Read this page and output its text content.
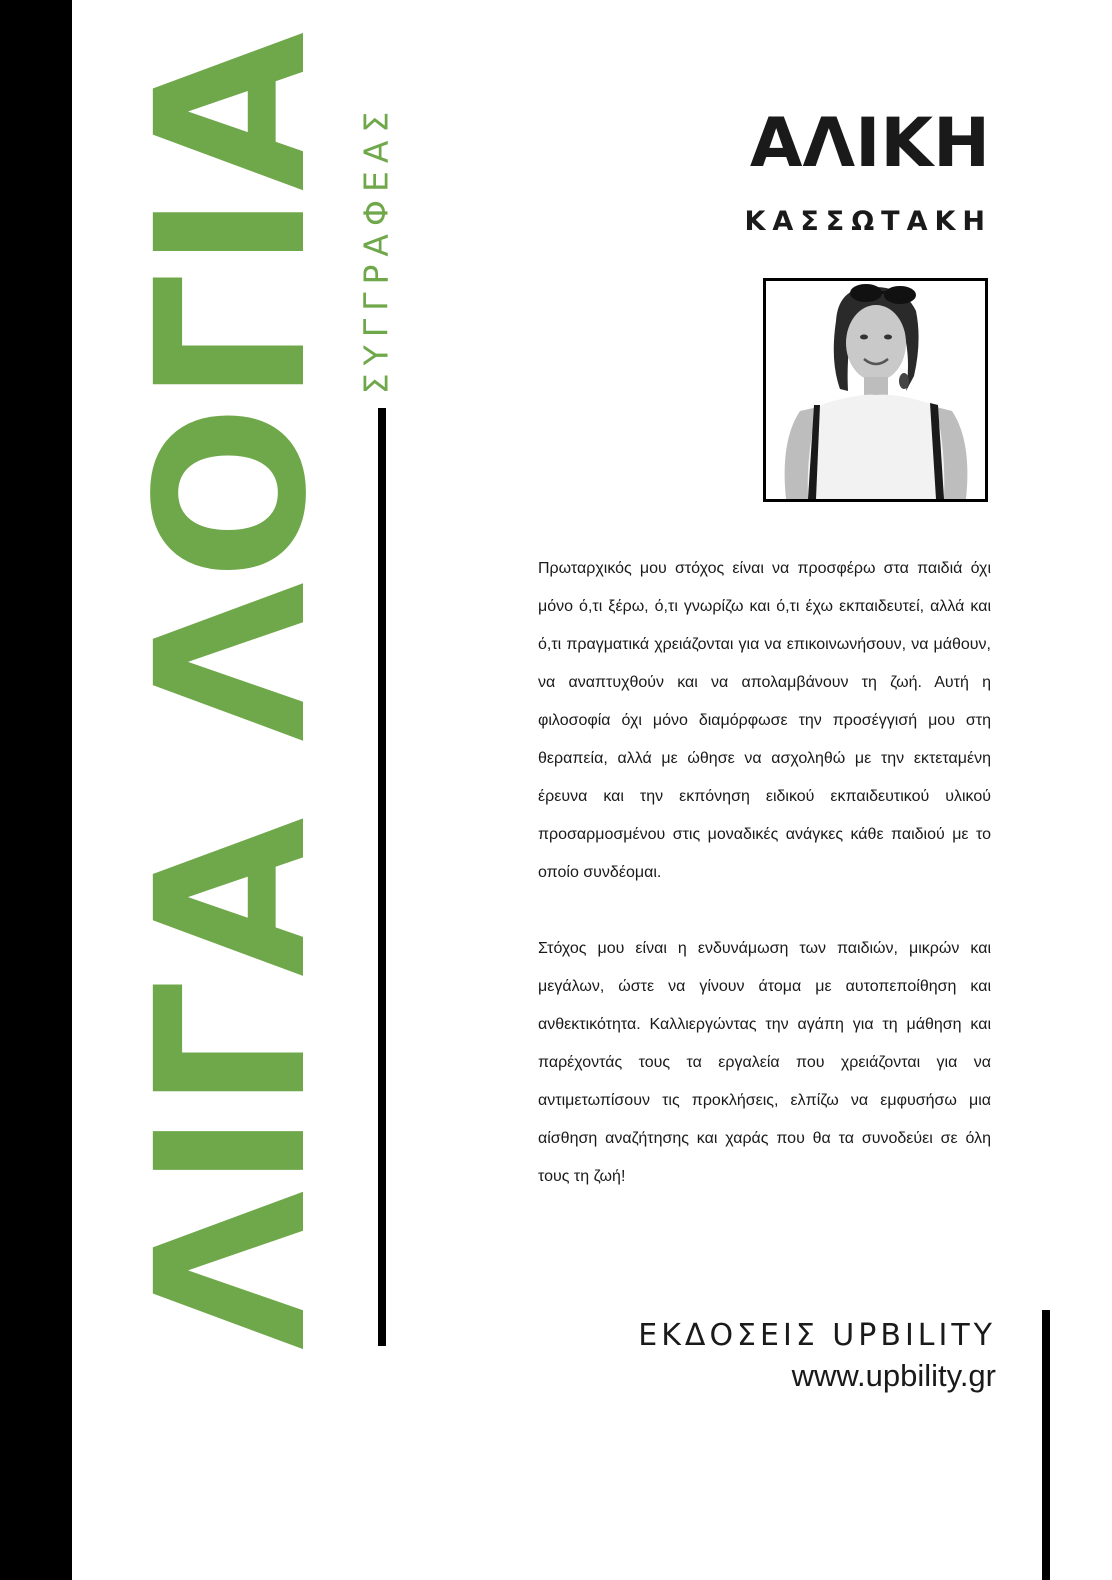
ΛΙΓΑ ΛΟΓΙΑ ΣΥΓΓΡΑΦΕΑΣ	ΑΛΙΚΗ
ΚΑΣΣΩΤΑΚΗ

Πρωταρχικός μου στόχος είναι να προσφέρω στα παιδιά όχι μόνο ό,τι ξέρω, ό,τι γνωρίζω και ό,τι έχω εκπαιδευτεί, αλλά και ό,τι πραγματικά χρειάζονται για να επικοινωνήσουν, να μάθουν, να αναπτυχθούν και να απολαμβάνουν τη ζωή. Αυτή η φιλοσοφία όχι μόνο διαμόρφωσε την προσέγγισή μου στη θεραπεία, αλλά με ώθησε να ασχοληθώ με την εκτεταμένη έρευνα και την εκπόνηση ειδικού εκπαιδευτικού υλικού προσαρμοσμένου στις μοναδικές ανάγκες κάθε παιδιού με το οποίο συνδέομαι.

Στόχος μου είναι η ενδυνάμωση των παιδιών, μικρών και μεγάλων, ώστε να γίνουν άτομα με αυτοπεποίθηση και ανθεκτικότητα. Καλλιεργώντας την αγάπη για τη μάθηση και παρέχοντάς τους τα εργαλεία που χρειάζονται για να αντιμετωπίσουν τις προκλήσεις, ελπίζω να εμφυσήσω μια αίσθηση αναζήτησης και χαράς που θα τα συνοδεύει σε όλη τους τη ζωή!

ΕΚΔΟΣΕΙΣ UPBILITY
www.upbility.gr
